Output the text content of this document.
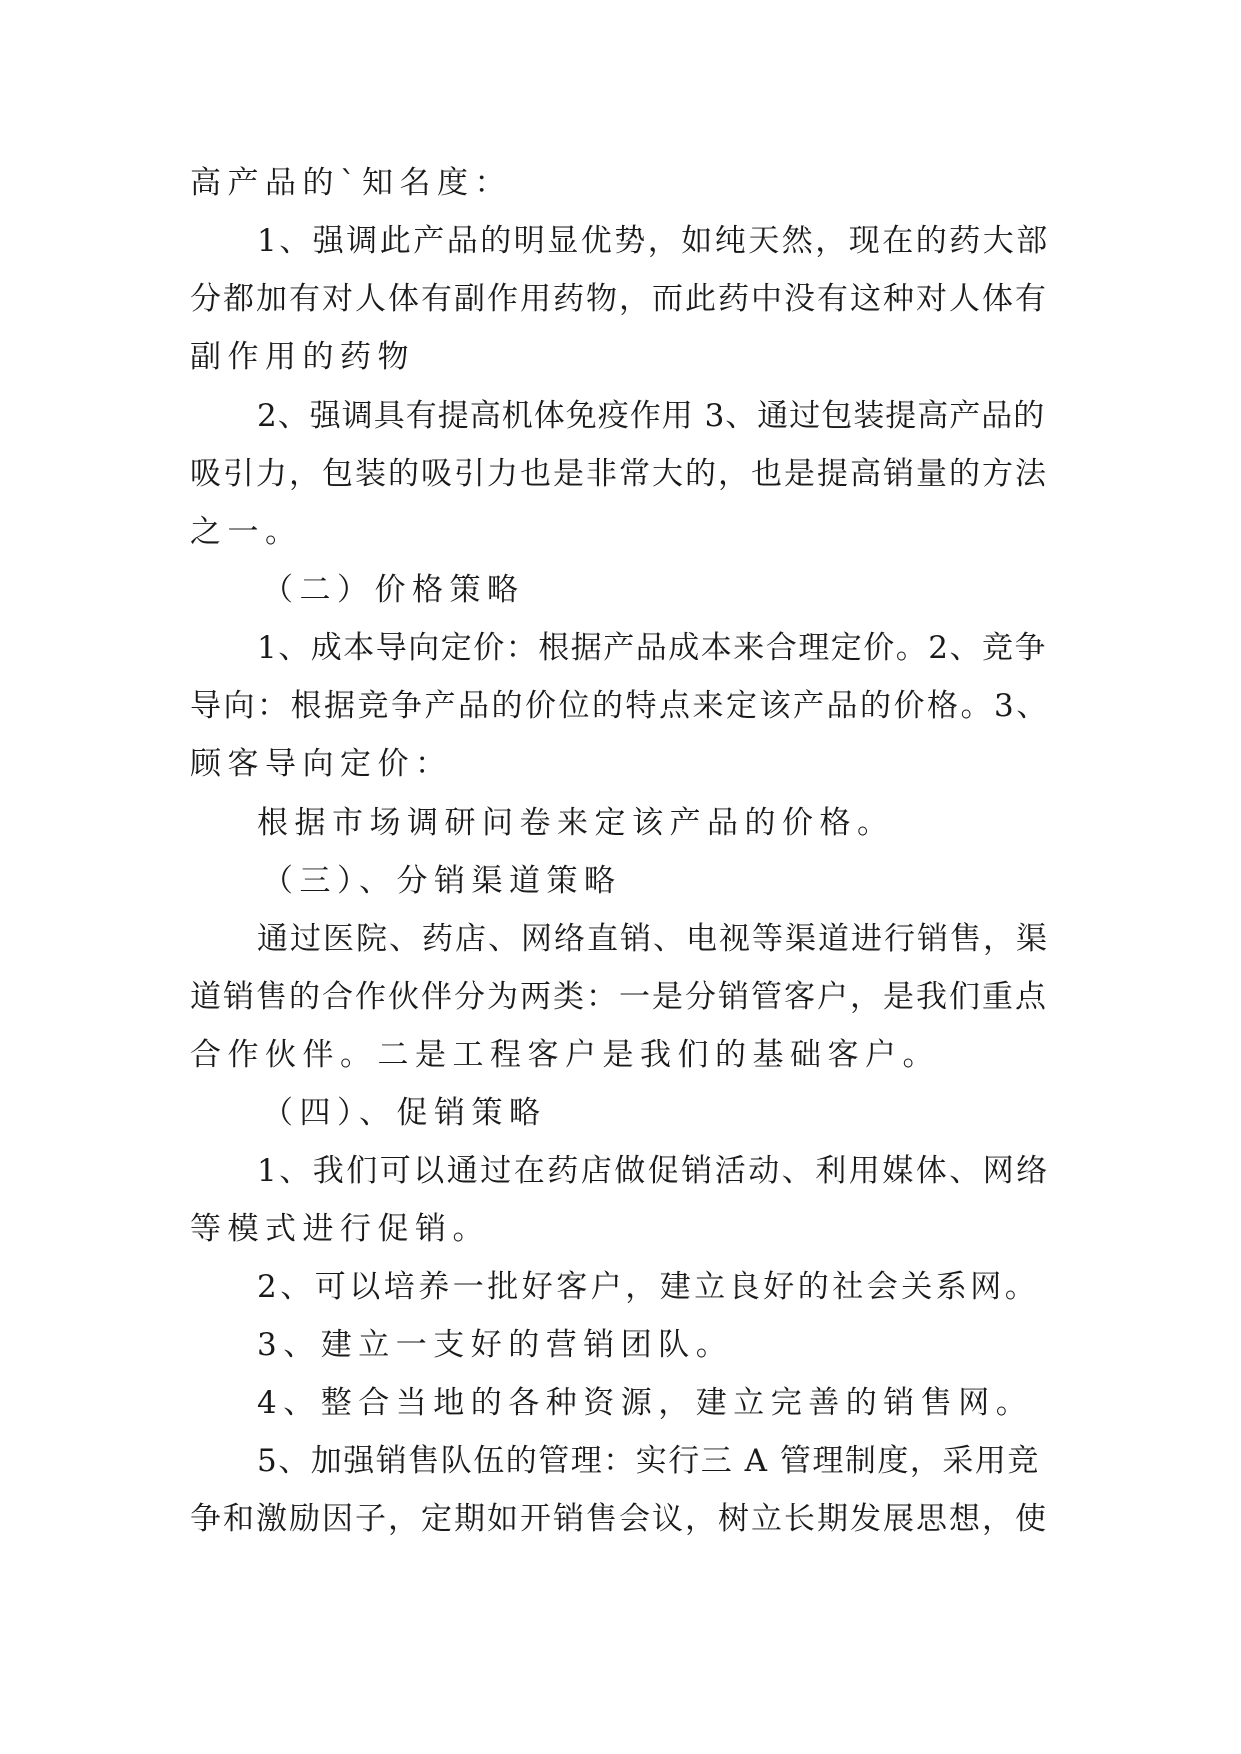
高产品的`知名度：
1、强调此产品的明显优势，如纯天然，现在的药大部
分都加有对人体有副作用药物，而此药中没有这种对人体有
副作用的药物
2、强调具有提高机体免疫作用 3、通过包装提高产品的
吸引力，包装的吸引力也是非常大的，也是提高销量的方法
之一。
（二）价格策略
1、成本导向定价：根据产品成本来合理定价。2、竞争
导向：根据竞争产品的价位的特点来定该产品的价格。3、
顾客导向定价：
根据市场调研问卷来定该产品的价格。
（三）、分销渠道策略
通过医院、药店、网络直销、电视等渠道进行销售，渠
道销售的合作伙伴分为两类：一是分销管客户，是我们重点
合作伙伴。二是工程客户是我们的基础客户。
（四）、促销策略
1、我们可以通过在药店做促销活动、利用媒体、网络
等模式进行促销。
2、可以培养一批好客户，建立良好的社会关系网。
3、建立一支好的营销团队。
4、整合当地的各种资源，建立完善的销售网。
5、加强销售队伍的管理：实行三 A 管理制度，采用竞
争和激励因子，定期如开销售会议，树立长期发展思想，使
